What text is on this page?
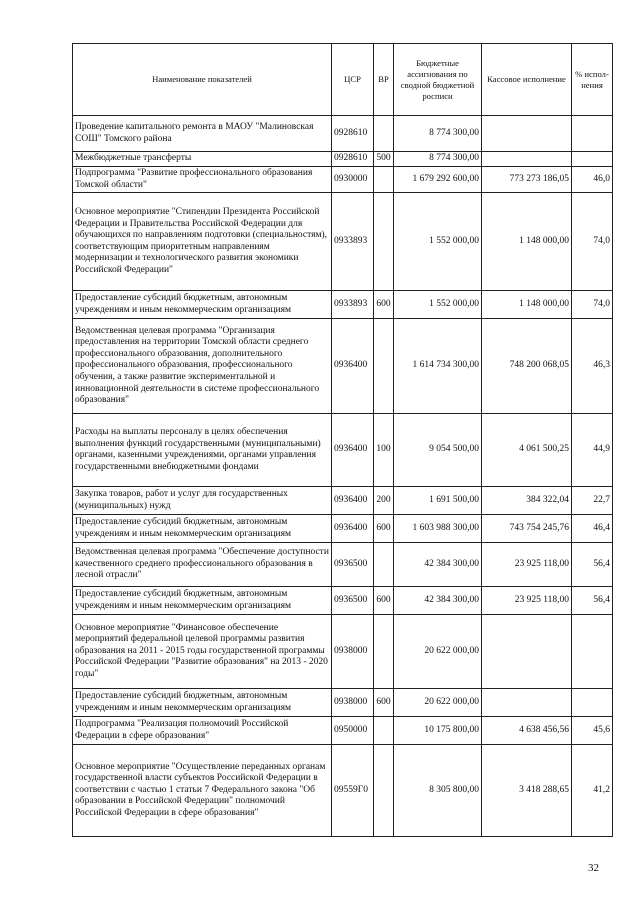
Наименование показателей	ЦСР	ВР	Бюджетные ассигнования по сводной бюджетной росписи	Кассовое исполнение	% испол-нения
Проведение капитального ремонта в МАОУ "Малиновская СОШ" Томского района	0928610		8 774 300,00		
Межбюджетные трансферты	0928610	500	8 774 300,00		
Подпрограмма "Развитие профессионального образования Томской области"	0930000		1 679 292 600,00	773 273 186,05	46,0
Основное мероприятие "Стипендии Президента Российской Федерации и Правительства Российской Федерации для обучающихся по направлениям подготовки (специальностям), соответствующим приоритетным направлениям модернизации и технологического развития экономики Российской Федерации"	0933893		1 552 000,00	1 148 000,00	74,0
Предоставление субсидий бюджетным, автономным учреждениям и иным некоммерческим организациям	0933893	600	1 552 000,00	1 148 000,00	74,0
Ведомственная целевая программа "Организация предоставления на территории Томской области среднего профессионального образования, дополнительного профессионального образования, профессионального обучения, а также развитие экспериментальной и инновационной деятельности в системе профессионального образования"	0936400		1 614 734 300,00	748 200 068,05	46,3
Расходы на выплаты персоналу в целях обеспечения выполнения функций государственными (муниципальными) органами, казенными учреждениями, органами управления государственными внебюджетными фондами	0936400	100	9 054 500,00	4 061 500,25	44,9
Закупка товаров, работ и услуг для государственных (муниципальных) нужд	0936400	200	1 691 500,00	384 322,04	22,7
Предоставление субсидий бюджетным, автономным учреждениям и иным некоммерческим организациям	0936400	600	1 603 988 300,00	743 754 245,76	46,4
Ведомственная целевая программа "Обеспечение доступности качественного среднего профессионального образования в лесной отрасли"	0936500		42 384 300,00	23 925 118,00	56,4
Предоставление субсидий бюджетным, автономным учреждениям и иным некоммерческим организациям	0936500	600	42 384 300,00	23 925 118,00	56,4
Основное мероприятие "Финансовое обеспечение мероприятий федеральной целевой программы развития образования на 2011 - 2015 годы государственной программы Российской Федерации "Развитие образования" на 2013 - 2020 годы"	0938000		20 622 000,00		
Предоставление субсидий бюджетным, автономным учреждениям и иным некоммерческим организациям	0938000	600	20 622 000,00		
Подпрограмма "Реализация полномочий Российской Федерации в сфере образования"	0950000		10 175 800,00	4 638 456,56	45,6
Основное мероприятие "Осуществление переданных органам государственной власти субъектов Российской Федерации в соответствии с частью 1 статьи 7 Федерального закона "Об образовании в Российской Федерации" полномочий Российской Федерации в сфере образования"	09559Г0		8 305 800,00	3 418 288,65	41,2
32
